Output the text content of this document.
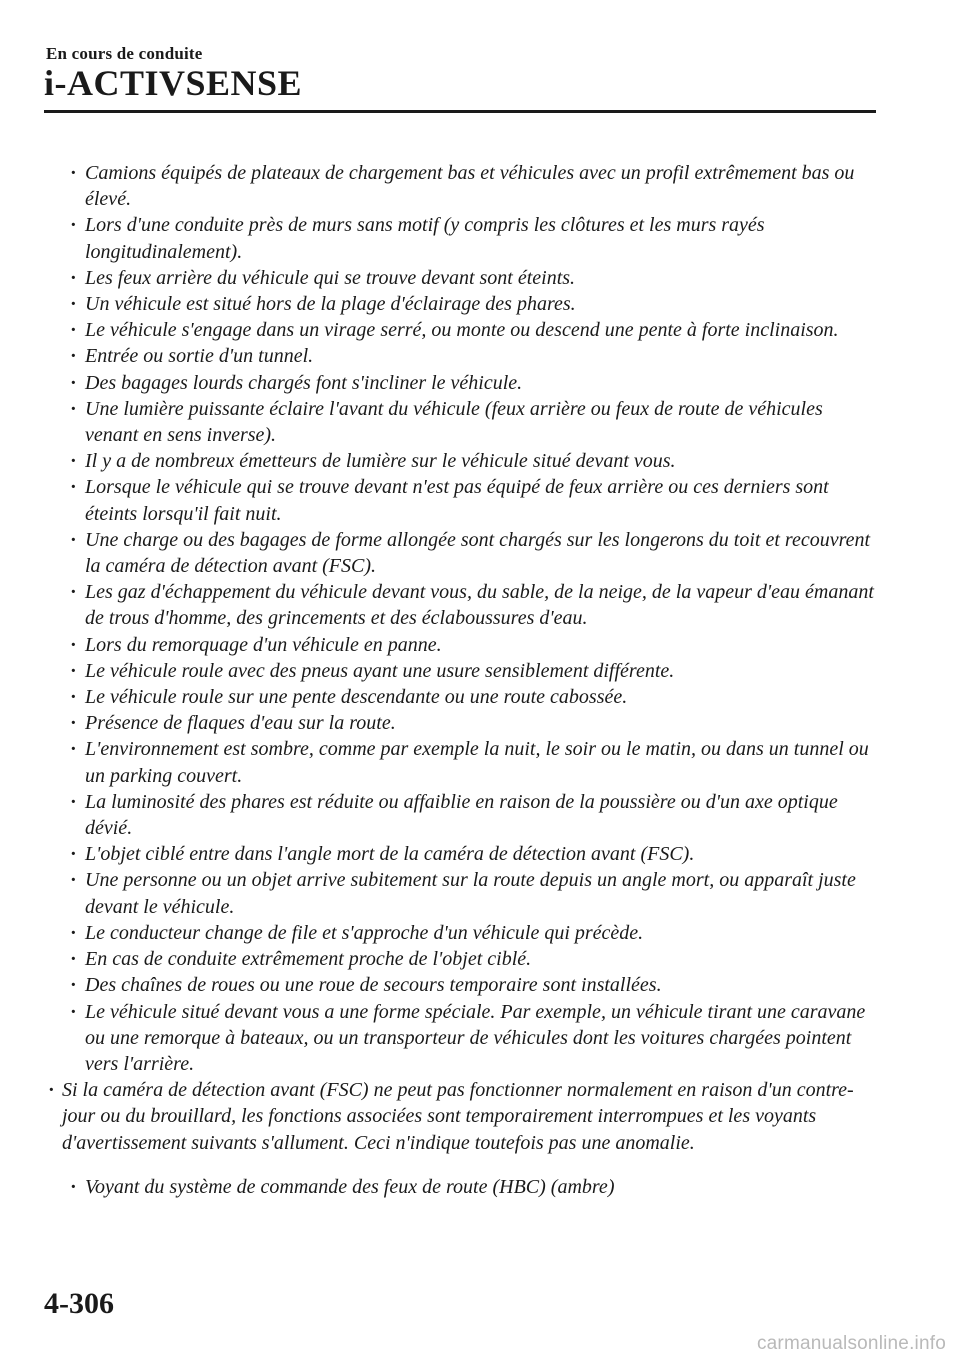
En cours de conduite
i-ACTIVSENSE
· Camions équipés de plateaux de chargement bas et véhicules avec un profil extrêmement bas ou élevé.
· Lors d'une conduite près de murs sans motif (y compris les clôtures et les murs rayés longitudinalement).
· Les feux arrière du véhicule qui se trouve devant sont éteints.
· Un véhicule est situé hors de la plage d'éclairage des phares.
· Le véhicule s'engage dans un virage serré, ou monte ou descend une pente à forte inclinaison.
· Entrée ou sortie d'un tunnel.
· Des bagages lourds chargés font s'incliner le véhicule.
· Une lumière puissante éclaire l'avant du véhicule (feux arrière ou feux de route de véhicules venant en sens inverse).
· Il y a de nombreux émetteurs de lumière sur le véhicule situé devant vous.
· Lorsque le véhicule qui se trouve devant n'est pas équipé de feux arrière ou ces derniers sont éteints lorsqu'il fait nuit.
· Une charge ou des bagages de forme allongée sont chargés sur les longerons du toit et recouvrent la caméra de détection avant (FSC).
· Les gaz d'échappement du véhicule devant vous, du sable, de la neige, de la vapeur d'eau émanant de trous d'homme, des grincements et des éclaboussures d'eau.
· Lors du remorquage d'un véhicule en panne.
· Le véhicule roule avec des pneus ayant une usure sensiblement différente.
· Le véhicule roule sur une pente descendante ou une route cabossée.
· Présence de flaques d'eau sur la route.
· L'environnement est sombre, comme par exemple la nuit, le soir ou le matin, ou dans un tunnel ou un parking couvert.
· La luminosité des phares est réduite ou affaiblie en raison de la poussière ou d'un axe optique dévié.
· L'objet ciblé entre dans l'angle mort de la caméra de détection avant (FSC).
· Une personne ou un objet arrive subitement sur la route depuis un angle mort, ou apparaît juste devant le véhicule.
· Le conducteur change de file et s'approche d'un véhicule qui précède.
· En cas de conduite extrêmement proche de l'objet ciblé.
· Des chaînes de roues ou une roue de secours temporaire sont installées.
· Le véhicule situé devant vous a une forme spéciale. Par exemple, un véhicule tirant une caravane ou une remorque à bateaux, ou un transporteur de véhicules dont les voitures chargées pointent vers l'arrière.
· Si la caméra de détection avant (FSC) ne peut pas fonctionner normalement en raison d'un contre-jour ou du brouillard, les fonctions associées sont temporairement interrompues et les voyants d'avertissement suivants s'allument. Ceci n'indique toutefois pas une anomalie.
· Voyant du système de commande des feux de route (HBC) (ambre)
4-306
carmanualsonline.info
